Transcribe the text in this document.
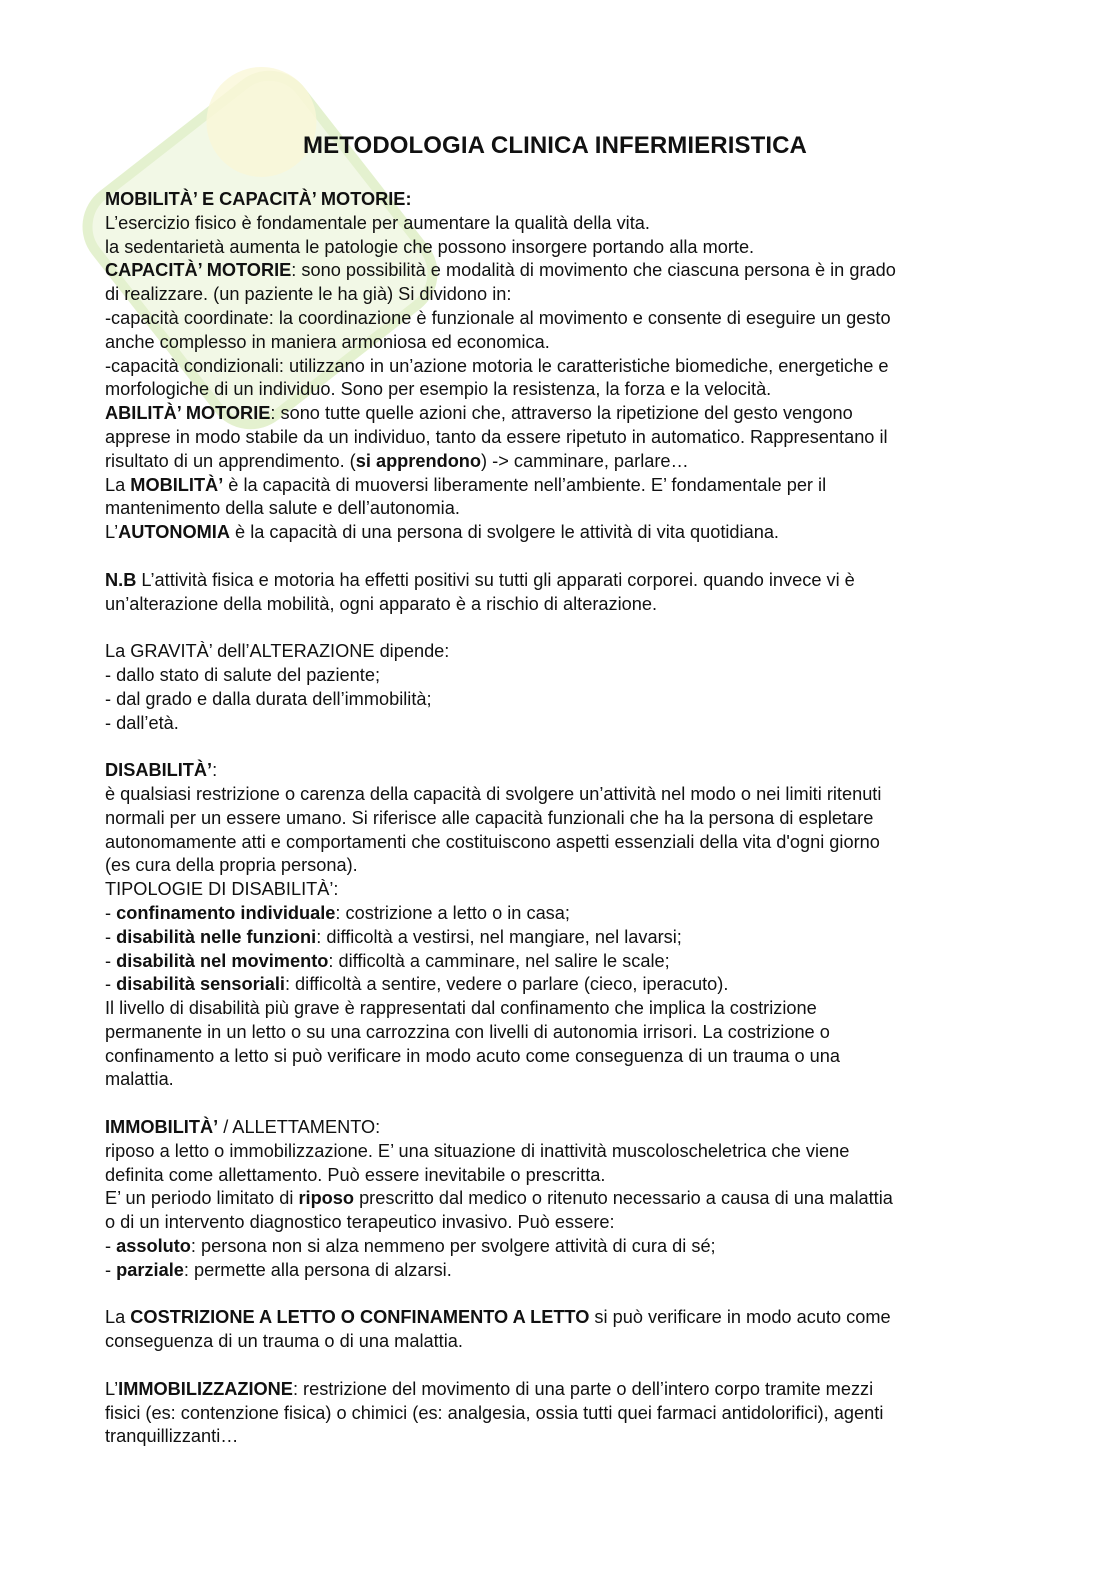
METODOLOGIA CLINICA INFERMIERISTICA

MOBILITÀ’ E CAPACITÀ’ MOTORIE:

L’esercizio fisico è fondamentale per aumentare la qualità della vita.

la sedentarietà aumenta le patologie che possono insorgere portando alla morte.

CAPACITÀ’ MOTORIE: sono possibilità e modalità di movimento che ciascuna persona è in grado

di realizzare. (un paziente le ha già) Si dividono in:

-capacità coordinate: la coordinazione è funzionale al movimento e consente di eseguire un gesto

anche complesso in maniera armoniosa ed economica.

-capacità condizionali: utilizzano in un’azione motoria le caratteristiche biomediche, energetiche e

morfologiche di un individuo. Sono per esempio la resistenza, la forza e la velocità.

ABILITÀ’ MOTORIE: sono tutte quelle azioni che, attraverso la ripetizione del gesto vengono

apprese in modo stabile da un individuo, tanto da essere ripetuto in automatico. Rappresentano il

risultato di un apprendimento. (si apprendono) -> camminare, parlare…

La MOBILITÀ’ è la capacità di muoversi liberamente nell’ambiente. E’ fondamentale per il

mantenimento della salute e dell’autonomia.

L’AUTONOMIA è la capacità di una persona di svolgere le attività di vita quotidiana.

N.B L’attività fisica e motoria ha effetti positivi su tutti gli apparati corporei. quando invece vi è

un’alterazione della mobilità, ogni apparato è a rischio di alterazione.

La GRAVITÀ’ dell’ALTERAZIONE dipende:

- dallo stato di salute del paziente;

- dal grado e dalla durata dell’immobilità;

- dall’età.

DISABILITÀ’:

è qualsiasi restrizione o carenza della capacità di svolgere un’attività nel modo o nei limiti ritenuti

normali per un essere umano. Si riferisce alle capacità funzionali che ha la persona di espletare

autonomamente atti e comportamenti che costituiscono aspetti essenziali della vita d'ogni giorno

(es cura della propria persona).

TIPOLOGIE DI DISABILITÀ’:

- confinamento individuale: costrizione a letto o in casa;

- disabilità nelle funzioni: difficoltà a vestirsi, nel mangiare, nel lavarsi;

- disabilità nel movimento: difficoltà a camminare, nel salire le scale;

- disabilità sensoriali: difficoltà a sentire, vedere o parlare (cieco, iperacuto).

Il livello di disabilità più grave è rappresentati dal confinamento che implica la costrizione

permanente in un letto o su una carrozzina con livelli di autonomia irrisori. La costrizione o

confinamento a letto si può verificare in modo acuto come conseguenza di un trauma o una

malattia.

IMMOBILITÀ’ / ALLETTAMENTO:

riposo a letto o immobilizzazione. E’ una situazione di inattività muscoloscheletrica che viene

definita come allettamento. Può essere inevitabile o prescritta.

E’ un periodo limitato di riposo prescritto dal medico o ritenuto necessario a causa di una malattia

o di un intervento diagnostico terapeutico invasivo. Può essere:

- assoluto: persona non si alza nemmeno per svolgere attività di cura di sé;

- parziale: permette alla persona di alzarsi.

La COSTRIZIONE A LETTO O CONFINAMENTO A LETTO si può verificare in modo acuto come

conseguenza di un trauma o di una malattia.

L’IMMOBILIZZAZIONE: restrizione del movimento di una parte o dell’intero corpo tramite mezzi

fisici (es: contenzione fisica) o chimici (es: analgesia, ossia tutti quei farmaci antidolorifici), agenti

tranquillizzanti…
